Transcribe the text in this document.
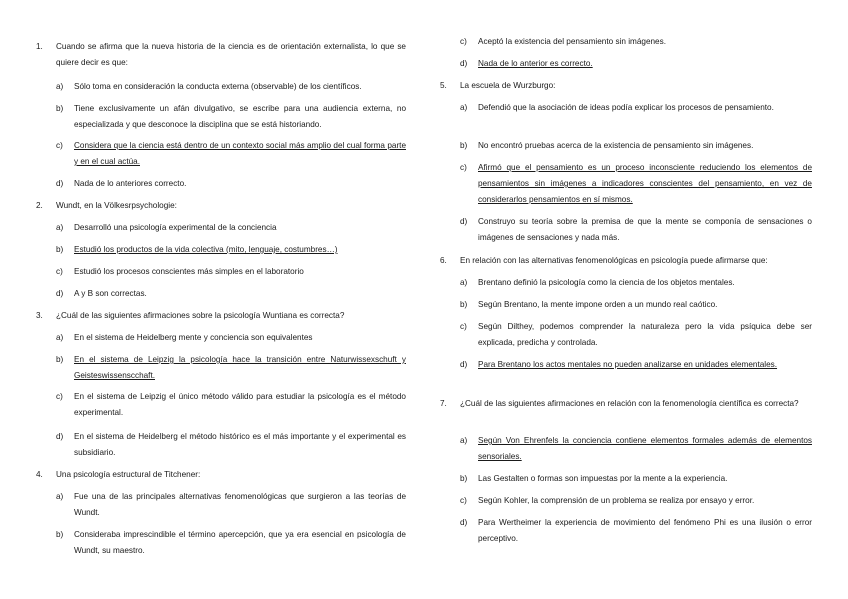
1.	Cuando se afirma que la nueva historia de la ciencia es de orientación externalista, lo que se quiere decir es que:
a)	Sólo toma en consideración la conducta externa (observable) de los científicos.
b)	Tiene exclusivamente un afán divulgativo, se escribe para una audiencia externa, no especializada y que desconoce la disciplina que se está historiando.
c)	Considera que la ciencia está dentro de un contexto social más amplio del cual forma parte y en el cual actúa.
d)	Nada de lo anteriores correcto.
2.	Wundt, en la Völkesrpsychologie:
a)	Desarrolló una psicología experimental de la conciencia
b)	Estudió los productos de la vida colectiva (mito, lenguaje, costumbres…)
c)	Estudió los procesos conscientes más simples en el laboratorio
d)	A y B son correctas.
3.	¿Cuál de las siguientes afirmaciones sobre la psicología Wuntiana es correcta?
a)	En el sistema de Heidelberg mente y conciencia son equivalentes
b)	En el sistema de Leipzig la psicología hace la transición entre Naturwissexschuft y Geisteswissenscchaft.
c)	En el sistema de Leipzig el único método válido para estudiar la psicología es el método experimental.
d)	En el sistema de Heidelberg el método histórico es el más importante y el experimental es subsidiario.
4.	Una psicología estructural de Titchener:
a)	Fue una de las principales alternativas fenomenológicas que surgieron a las teorías de Wundt.
b)	Consideraba imprescindible el término apercepción, que ya era esencial en psicología de Wundt, su maestro.
c)	Aceptó la existencia del pensamiento sin imágenes.
d)	Nada de lo anterior es correcto.
5.	La escuela de Wurzburgo:
a)	Defendió que la asociación de ideas podía explicar los procesos de pensamiento.
b)	No encontró pruebas acerca de la existencia de pensamiento sin imágenes.
c)	Afirmó que el pensamiento es un proceso inconsciente reduciendo los elementos de pensamientos sin imágenes a indicadores conscientes del pensamiento, en vez de considerarlos pensamientos en sí mismos.
d)	Construyo su teoría sobre la premisa de que la mente se componía de sensaciones o imágenes de sensaciones y nada más.
6.	En relación con las alternativas fenomenológicas en psicología puede afirmarse que:
a)	Brentano definió la psicología como la ciencia de los objetos mentales.
b)	Según Brentano, la mente impone orden a un mundo real caótico.
c)	Según Dilthey, podemos comprender la naturaleza pero la vida psíquica debe ser explicada, predicha y controlada.
d)	Para Brentano los actos mentales no pueden analizarse en unidades elementales.
7.	¿Cuál de las siguientes afirmaciones en relación con la fenomenología científica es correcta?
a)	Según Von Ehrenfels la conciencia contiene elementos formales además de elementos sensoriales.
b)	Las Gestalten o formas son impuestas por la mente a la experiencia.
c)	Según Kohler, la comprensión de un problema se realiza por ensayo y error.
d)	Para Wertheimer la experiencia de movimiento del fenómeno Phi es una ilusión o error perceptivo.
